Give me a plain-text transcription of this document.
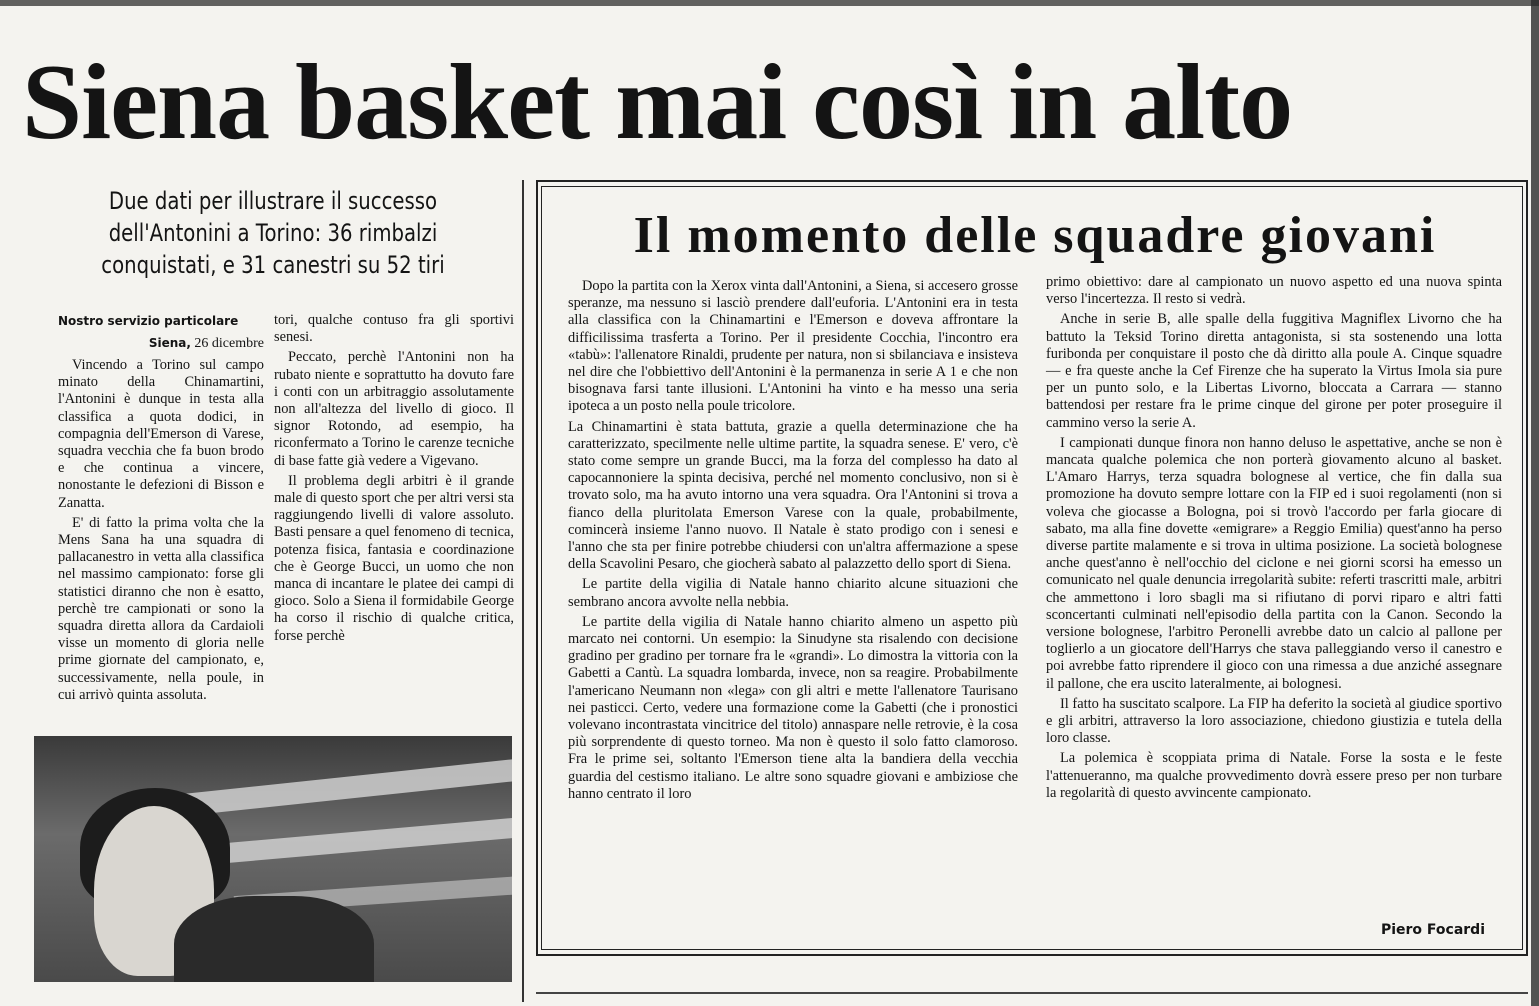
Siena basket mai così in alto
Due dati per illustrare il successo
dell'Antonini a Torino: 36 rimbalzi
conquistati, e 31 canestri su 52 tiri

Nostro servizio particolare

Siena, 26 dicembre

Vincendo a Torino sul campo minato della Chinamartini, l'Antonini è dunque in testa alla classifica a quota dodici, in compagnia dell'Emerson di Varese, squadra vecchia che fa buon brodo e che continua a vincere, nonostante le defezioni di Bisson e Zanatta.

E' di fatto la prima volta che la Mens Sana ha una squadra di pallacanestro in vetta alla classifica nel massimo campionato: forse gli statistici diranno che non è esatto, perchè tre campionati or sono la squadra diretta allora da Cardaioli visse un momento di gloria nelle prime giornate del campionato, e, successivamente, nella poule, in cui arrivò quinta assoluta.

tori, qualche contuso fra gli sportivi senesi.

Peccato, perchè l'Antonini non ha rubato niente e soprattutto ha dovuto fare i conti con un arbitraggio assolutamente non all'altezza del livello di gioco. Il signor Rotondo, ad esempio, ha riconfermato a Torino le carenze tecniche di base fatte già vedere a Vigevano.

Il problema degli arbitri è il grande male di questo sport che per altri versi sta raggiungendo livelli di valore assoluto. Basti pensare a quel fenomeno di tecnica, potenza fisica, fantasia e coordinazione che è George Bucci, un uomo che non manca di incantare le platee dei campi di gioco. Solo a Siena il formidabile George ha corso il rischio di qualche critica, forse perchè

Il momento delle squadre giovani

Dopo la partita con la Xerox vinta dall'Antonini, a Siena, si accesero grosse speranze, ma nessuno si lasciò prendere dall'euforia. L'Antonini era in testa alla classifica con la Chinamartini e l'Emerson e doveva affrontare la difficilissima trasferta a Torino. Per il presidente Cocchia, l'incontro era «tabù»: l'allenatore Rinaldi, prudente per natura, non si sbilanciava e insisteva nel dire che l'obbiettivo dell'Antonini è la permanenza in serie A 1 e che non bisognava farsi tante illusioni. L'Antonini ha vinto e ha messo una seria ipoteca a un posto nella poule tricolore.

La Chinamartini è stata battuta, grazie a quella determinazione che ha caratterizzato, specilmente nelle ultime partite, la squadra senese. E' vero, c'è stato come sempre un grande Bucci, ma la forza del complesso ha dato al capocannoniere la spinta decisiva, perché nel momento conclusivo, non si è trovato solo, ma ha avuto intorno una vera squadra. Ora l'Antonini si trova a fianco della pluritolata Emerson Varese con la quale, probabilmente, comincerà insieme l'anno nuovo. Il Natale è stato prodigo con i senesi e l'anno che sta per finire potrebbe chiudersi con un'altra affermazione a spese della Scavolini Pesaro, che giocherà sabato al palazzetto dello sport di Siena.

Le partite della vigilia di Natale hanno chiarito alcune situazioni che sembrano ancora avvolte nella nebbia.

Le partite della vigilia di Natale hanno chiarito almeno un aspetto più marcato nei contorni. Un esempio: la Sinudyne sta risalendo con decisione gradino per gradino per tornare fra le «grandi». Lo dimostra la vittoria con la Gabetti a Cantù. La squadra lombarda, invece, non sa reagire. Probabilmente l'americano Neumann non «lega» con gli altri e mette l'allenatore Taurisano nei pasticci. Certo, vedere una formazione come la Gabetti (che i pronostici volevano incontrastata vincitrice del titolo) annaspare nelle retrovie, è la cosa più sorprendente di questo torneo. Ma non è questo il solo fatto clamoroso. Fra le prime sei, soltanto l'Emerson tiene alta la bandiera della vecchia guardia del cestismo italiano. Le altre sono squadre giovani e ambiziose che hanno centrato il loro

primo obiettivo: dare al campionato un nuovo aspetto ed una nuova spinta verso l'incertezza. Il resto si vedrà.

Anche in serie B, alle spalle della fuggitiva Magniflex Livorno che ha battuto la Teksid Torino diretta antagonista, si sta sostenendo una lotta furibonda per conquistare il posto che dà diritto alla poule A. Cinque squadre — e fra queste anche la Cef Firenze che ha superato la Virtus Imola sia pure per un punto solo, e la Libertas Livorno, bloccata a Carrara — stanno battendosi per restare fra le prime cinque del girone per poter proseguire il cammino verso la serie A.

I campionati dunque finora non hanno deluso le aspettative, anche se non è mancata qualche polemica che non porterà giovamento alcuno al basket. L'Amaro Harrys, terza squadra bolognese al vertice, che fin dalla sua promozione ha dovuto sempre lottare con la FIP ed i suoi regolamenti (non si voleva che giocasse a Bologna, poi si trovò l'accordo per farla giocare di sabato, ma alla fine dovette «emigrare» a Reggio Emilia) quest'anno ha perso diverse partite malamente e si trova in ultima posizione. La società bolognese anche quest'anno è nell'occhio del ciclone e nei giorni scorsi ha emesso un comunicato nel quale denuncia irregolarità subite: referti trascritti male, arbitri che ammettono i loro sbagli ma si rifiutano di porvi riparo e altri fatti sconcertanti culminati nell'episodio della partita con la Canon. Secondo la versione bolognese, l'arbitro Peronelli avrebbe dato un calcio al pallone per toglierlo a un giocatore dell'Harrys che stava palleggiando verso il canestro e poi avrebbe fatto riprendere il gioco con una rimessa a due anziché assegnare il pallone, che era uscito lateralmente, ai bolognesi.

Il fatto ha suscitato scalpore. La FIP ha deferito la società al giudice sportivo e gli arbitri, attraverso la loro associazione, chiedono giustizia e tutela della loro classe.

La polemica è scoppiata prima di Natale. Forse la sosta e le feste l'attenueranno, ma qualche provvedimento dovrà essere preso per non turbare la regolarità di questo avvincente campionato.

Piero Focardi
